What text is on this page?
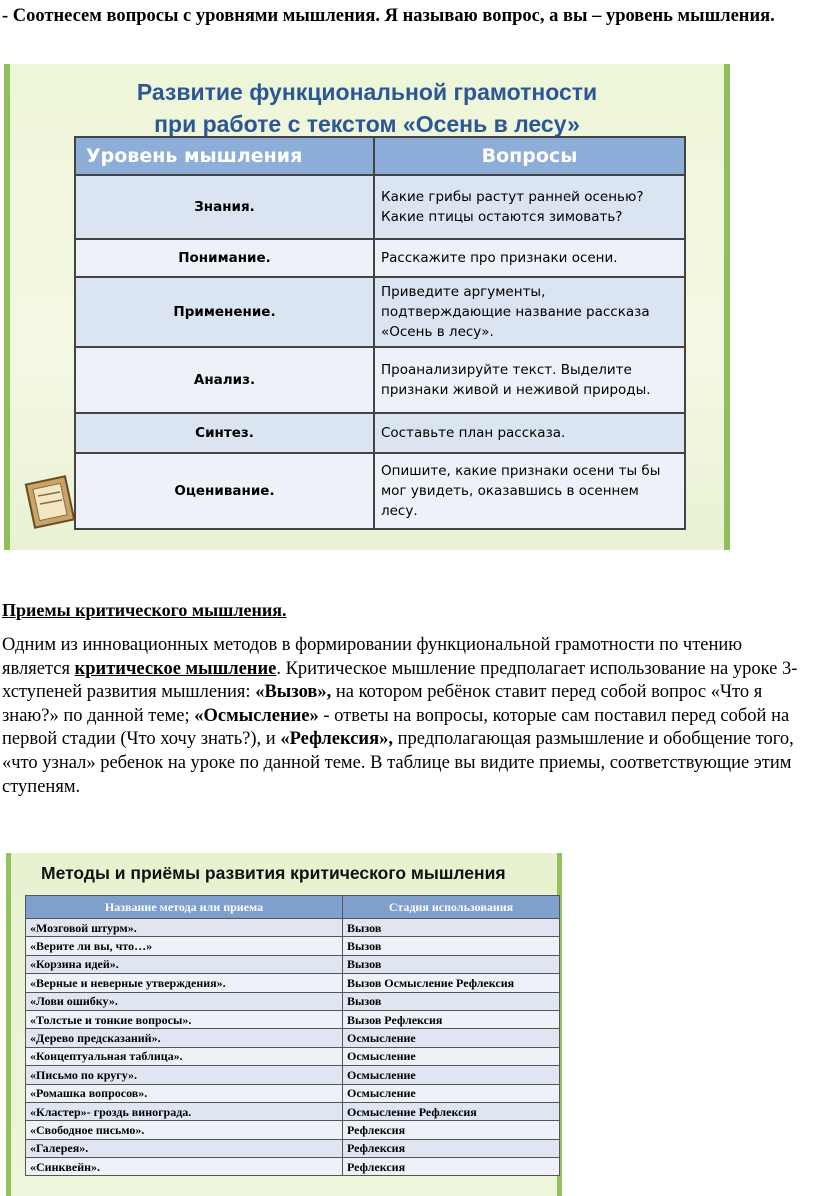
- Соотнесем вопросы с уровнями мышления. Я называю вопрос, а вы – уровень мышления.
Развитие функциональной грамотности
при работе с текстом «Осень в лесу»
Уровень мышления	Вопросы
Знания.	Какие грибы растут ранней осенью? Какие птицы остаются зимовать?
Понимание.	Расскажите про признаки осени.
Применение.	Приведите аргументы, подтверждающие название рассказа «Осень в лесу».
Анализ.	Проанализируйте текст. Выделите признаки живой и неживой природы.
Синтез.	Составьте план рассказа.
Оценивание.	Опишите, какие признаки осени ты бы мог увидеть, оказавшись в осеннем лесу.
Приемы критического мышления.
Одним из инновационных методов в формировании функциональной грамотности по чтению является критическое мышление. Критическое мышление предполагает использование на уроке 3-хступеней развития мышления: «Вызов», на котором ребёнок ставит перед собой вопрос «Что я знаю?» по данной теме; «Осмысление» - ответы на вопросы, которые сам поставил перед собой на первой стадии (Что хочу знать?), и «Рефлексия», предполагающая размышление и обобщение того, «что узнал» ребенок на уроке по данной теме. В таблице вы видите приемы, соответствующие этим ступеням.
Методы и приёмы развития критического мышления
Название метода или приема	Стадия использования
«Мозговой штурм».	Вызов
«Верите ли вы, что…»	Вызов
«Корзина идей».	Вызов
«Верные и неверные утверждения».	Вызов Осмысление Рефлексия
«Лови ошибку».	Вызов
«Толстые и тонкие вопросы».	Вызов Рефлексия
«Дерево предсказаний».	Осмысление
«Концептуальная таблица».	Осмысление
«Письмо по кругу».	Осмысление
«Ромашка вопросов».	Осмысление
«Кластер»- гроздь винограда.	Осмысление Рефлексия
«Свободное письмо».	Рефлексия
«Галерея».	Рефлексия
«Синквейн».	Рефлексия
